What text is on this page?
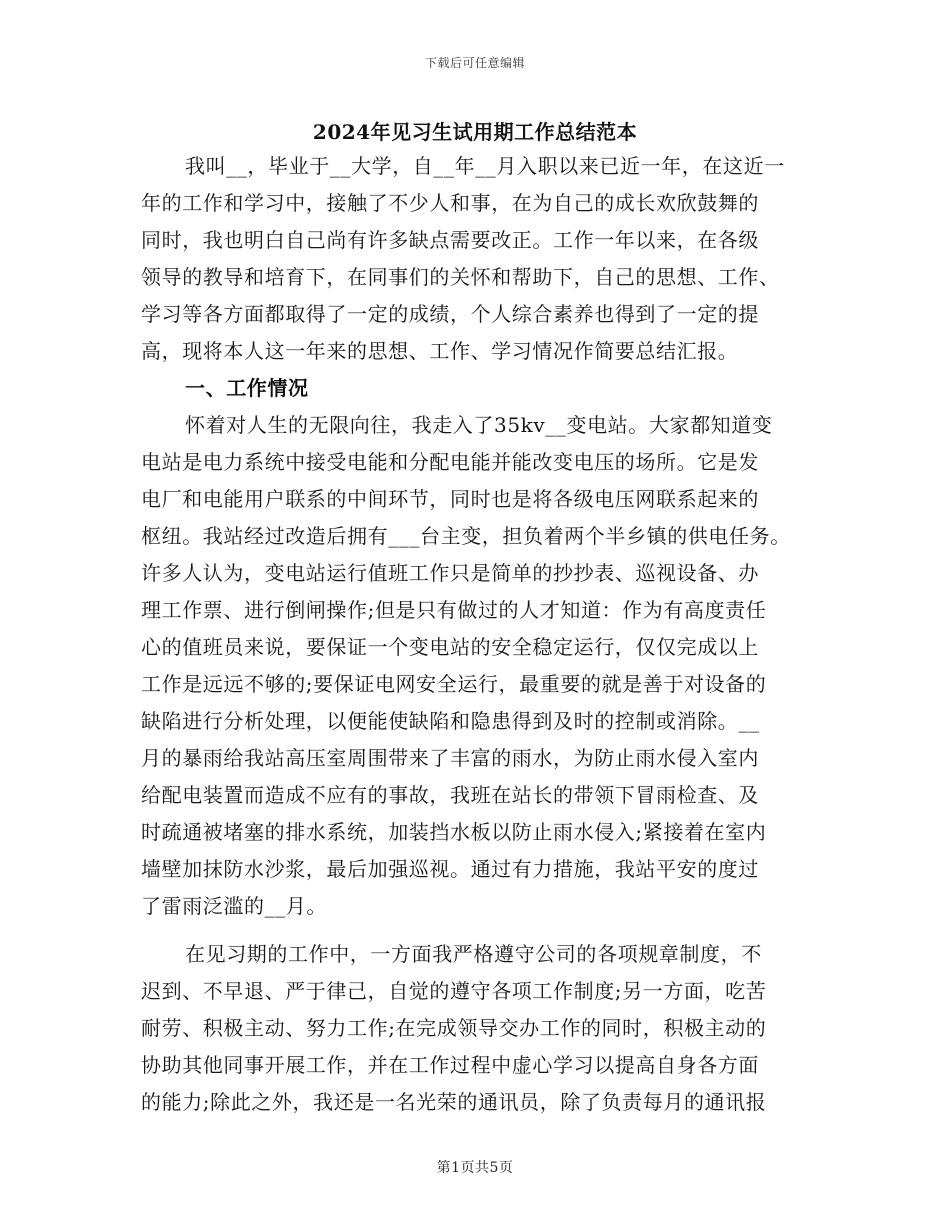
下载后可任意编辑
2024年见习生试用期工作总结范本
我叫__，毕业于__大学，自__年__月入职以来已近一年，在这近一
年的工作和学习中，接触了不少人和事，在为自己的成长欢欣鼓舞的
同时，我也明白自己尚有许多缺点需要改正。工作一年以来，在各级
领导的教导和培育下，在同事们的关怀和帮助下，自己的思想、工作、
学习等各方面都取得了一定的成绩，个人综合素养也得到了一定的提
高，现将本人这一年来的思想、工作、学习情况作简要总结汇报。
一、工作情况
怀着对人生的无限向往，我走入了35kv__变电站。大家都知道变
电站是电力系统中接受电能和分配电能并能改变电压的场所。它是发
电厂和电能用户联系的中间环节，同时也是将各级电压网联系起来的
枢纽。我站经过改造后拥有___台主变，担负着两个半乡镇的供电任务。
许多人认为，变电站运行值班工作只是简单的抄抄表、巡视设备、办
理工作票、进行倒闸操作;但是只有做过的人才知道：作为有高度责任
心的值班员来说，要保证一个变电站的安全稳定运行，仅仅完成以上
工作是远远不够的;要保证电网安全运行，最重要的就是善于对设备的
缺陷进行分析处理，以便能使缺陷和隐患得到及时的控制或消除。__
月的暴雨给我站高压室周围带来了丰富的雨水，为防止雨水侵入室内
给配电装置而造成不应有的事故，我班在站长的带领下冒雨检查、及
时疏通被堵塞的排水系统，加装挡水板以防止雨水侵入;紧接着在室内
墙壁加抹防水沙浆，最后加强巡视。通过有力措施，我站平安的度过
了雷雨泛滥的__月。
在见习期的工作中，一方面我严格遵守公司的各项规章制度，不
迟到、不早退、严于律己，自觉的遵守各项工作制度;另一方面，吃苦
耐劳、积极主动、努力工作;在完成领导交办工作的同时，积极主动的
协助其他同事开展工作，并在工作过程中虚心学习以提高自身各方面
的能力;除此之外，我还是一名光荣的通讯员，除了负责每月的通讯报
第1页共5页
